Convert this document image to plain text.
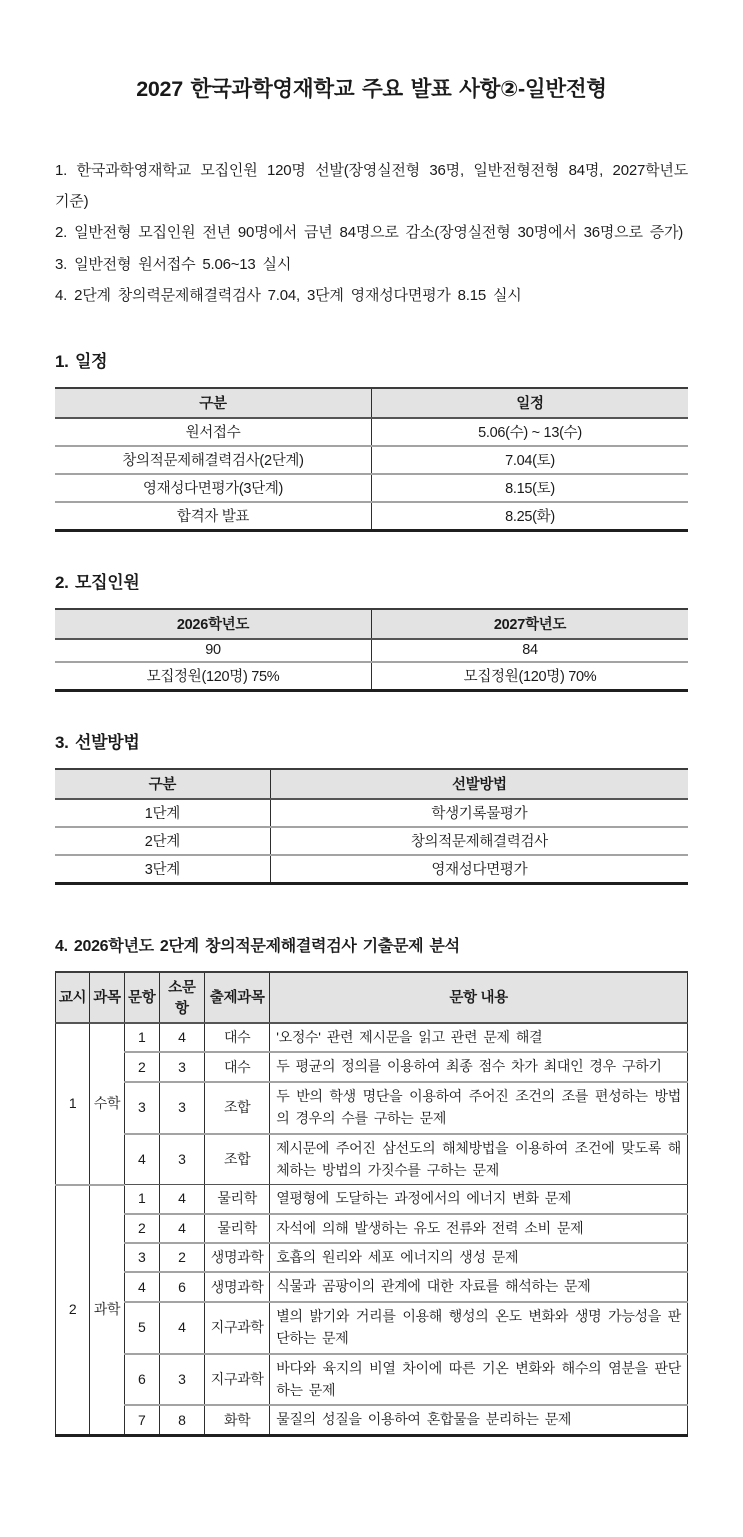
2027 한국과학영재학교 주요 발표 사항②-일반전형

1. 한국과학영재학교 모집인원 120명 선발(장영실전형 36명, 일반전형전형 84명, 2027학년도 기준)

2. 일반전형 모집인원 전년 90명에서 금년 84명으로 감소(장영실전형 30명에서 36명으로 증가)

3. 일반전형 원서접수 5.06~13 실시

4. 2단계 창의력문제해결력검사 7.04, 3단계 영재성다면평가 8.15 실시

1. 일정
구분	일정
원서접수	5.06(수) ~ 13(수)
창의적문제해결력검사(2단계)	7.04(토)
영재성다면평가(3단계)	8.15(토)
합격자 발표	8.25(화)
2. 모집인원
2026학년도	2027학년도
90	84
모집정원(120명) 75%	모집정원(120명) 70%
3. 선발방법
구분	선발방법
1단계	학생기록물평가
2단계	창의적문제해결력검사
3단계	영재성다면평가
4. 2026학년도 2단계 창의적문제해결력검사 기출문제 분석
교시	과목	문항	소문항	출제과목	문항 내용
1	수학	1	4	대수	'오정수' 관련 제시문을 읽고 관련 문제 해결
		2	3	대수	두 평균의 정의를 이용하여 최종 점수 차가 최대인 경우 구하기
		3	3	조합	두 반의 학생 명단을 이용하여 주어진 조건의 조를 편성하는 방법의 경우의 수를 구하는 문제
		4	3	조합	제시문에 주어진 삼선도의 해체방법을 이용하여 조건에 맞도록 해체하는 방법의 가짓수를 구하는 문제
2	과학	1	4	물리학	열평형에 도달하는 과정에서의 에너지 변화 문제
		2	4	물리학	자석에 의해 발생하는 유도 전류와 전력 소비 문제
		3	2	생명과학	호흡의 원리와 세포 에너지의 생성 문제
		4	6	생명과학	식물과 곰팡이의 관계에 대한 자료를 해석하는 문제
		5	4	지구과학	별의 밝기와 거리를 이용해 행성의 온도 변화와 생명 가능성을 판단하는 문제
		6	3	지구과학	바다와 육지의 비열 차이에 따른 기온 변화와 해수의 염분을 판단하는 문제
		7	8	화학	물질의 성질을 이용하여 혼합물을 분리하는 문제
